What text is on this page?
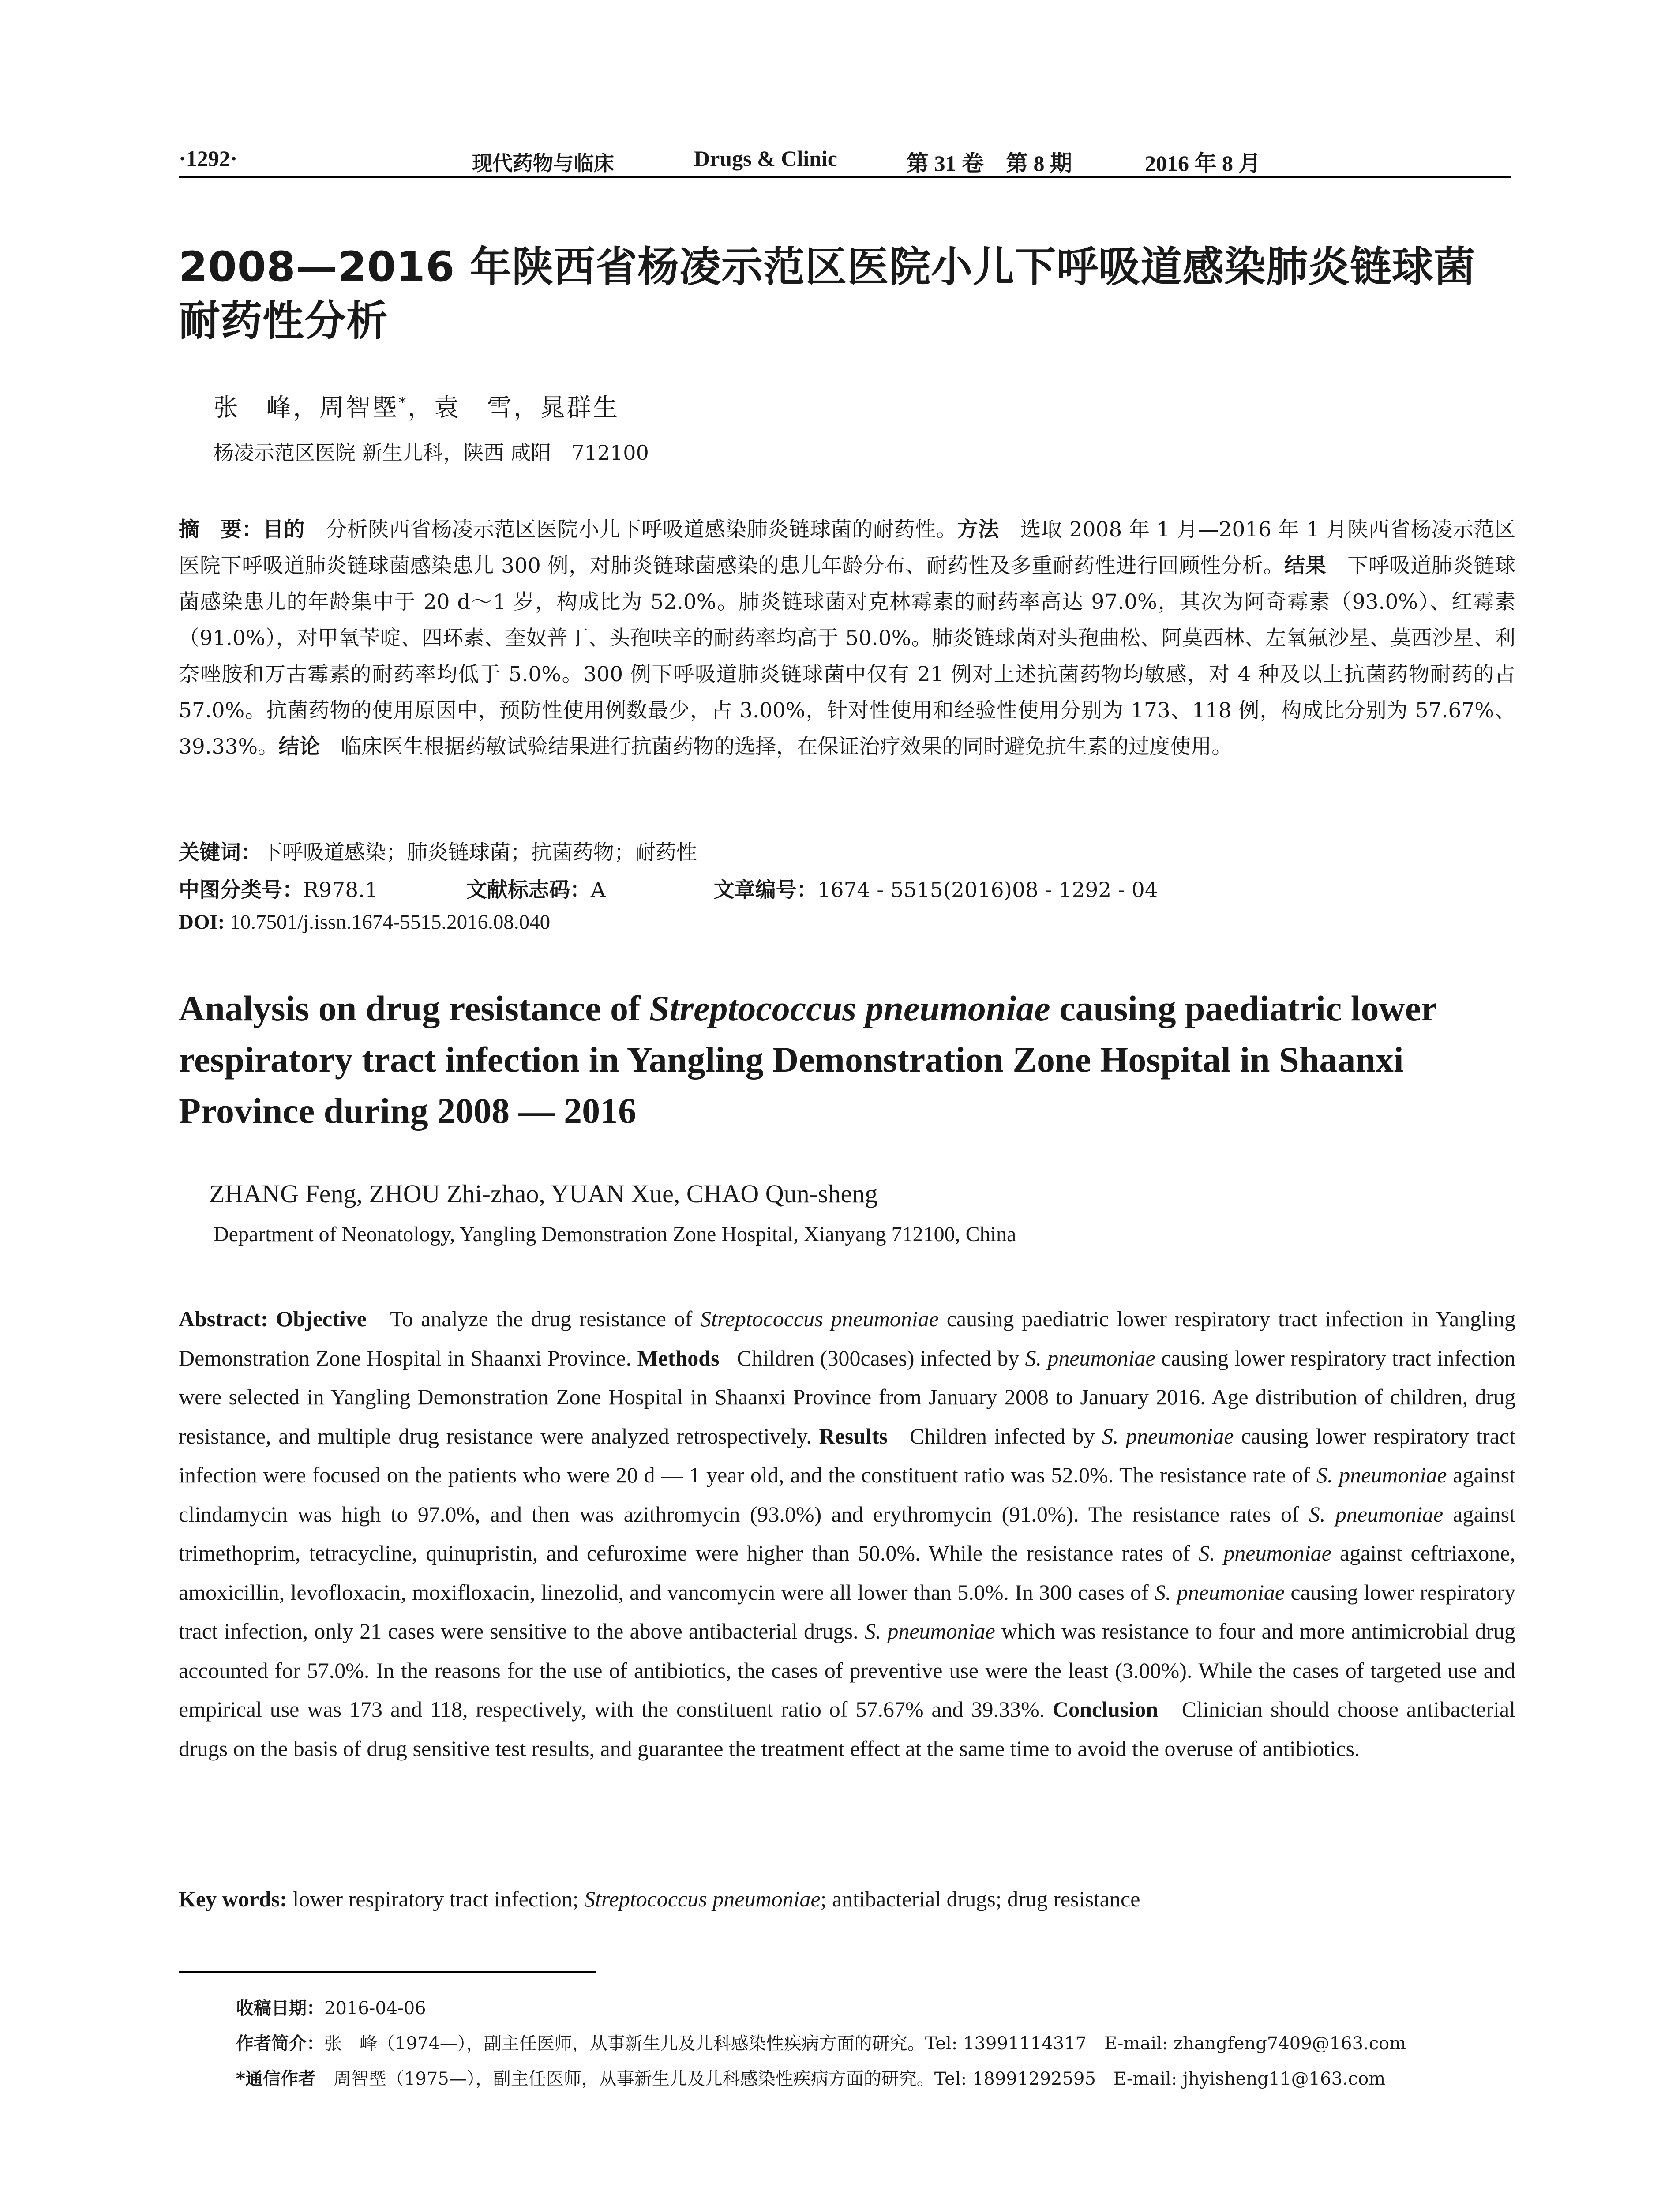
·1292·	现代药物与临床	Drugs & Clinic	第 31 卷　第 8 期	2016 年 8 月
2008—2016 年陕西省杨凌示范区医院小儿下呼吸道感染肺炎链球菌耐药性分析
张　峰，周智塈*，袁　雪，晁群生
杨凌示范区医院 新生儿科，陕西 咸阳　712100
摘　要：目的　 分析陕西省杨凌示范区医院小儿下呼吸道感染肺炎链球菌的耐药性。方法　 选取 2008 年 1 月—2016 年 1 月陕西省杨凌示范区医院下呼吸道肺炎链球菌感染患儿 300 例，对肺炎链球菌感染的患儿年龄分布、耐药性及多重耐药性进行回顾性分析。结果　 下呼吸道肺炎链球菌感染患儿的年龄集中于 20 d～1 岁，构成比为 52.0%。肺炎链球菌对克林霉素的耐药率高达 97.0%，其次为阿奇霉素（93.0%）、红霉素（91.0%），对甲氧苄啶、四环素、奎奴普丁、头孢呋辛的耐药率均高于 50.0%。肺炎链球菌对头孢曲松、阿莫西林、左氧氟沙星、莫西沙星、利奈唑胺和万古霉素的耐药率均低于 5.0%。300 例下呼吸道肺炎链球菌中仅有 21 例对上述抗菌药物均敏感，对 4 种及以上抗菌药物耐药的占 57.0%。抗菌药物的使用原因中，预防性使用例数最少，占 3.00%，针对性使用和经验性使用分别为 173、118 例，构成比分别为 57.67%、39.33%。结论　 临床医生根据药敏试验结果进行抗菌药物的选择，在保证治疗效果的同时避免抗生素的过度使用。
关键词：下呼吸道感染；肺炎链球菌；抗菌药物；耐药性
中图分类号：R978.1	文献标志码：A	文章编号：1674 - 5515(2016)08 - 1292 - 04
DOI: 10.7501/j.issn.1674-5515.2016.08.040
Analysis on drug resistance of Streptococcus pneumoniae causing paediatric lower respiratory tract infection in Yangling Demonstration Zone Hospital in Shaanxi Province during 2008 — 2016
ZHANG Feng, ZHOU Zhi-zhao, YUAN Xue, CHAO Qun-sheng
Department of Neonatology, Yangling Demonstration Zone Hospital, Xianyang 712100, China
Abstract: Objective To analyze the drug resistance of Streptococcus pneumoniae causing paediatric lower respiratory tract infection in Yangling Demonstration Zone Hospital in Shaanxi Province. Methods Children (300cases) infected by S. pneumoniae causing lower respiratory tract infection were selected in Yangling Demonstration Zone Hospital in Shaanxi Province from January 2008 to January 2016. Age distribution of children, drug resistance, and multiple drug resistance were analyzed retrospectively. Results Children infected by S. pneumoniae causing lower respiratory tract infection were focused on the patients who were 20 d — 1 year old, and the constituent ratio was 52.0%. The resistance rate of S. pneumoniae against clindamycin was high to 97.0%, and then was azithromycin (93.0%) and erythromycin (91.0%). The resistance rates of S. pneumoniae against trimethoprim, tetracycline, quinupristin, and cefuroxime were higher than 50.0%. While the resistance rates of S. pneumoniae against ceftriaxone, amoxicillin, levofloxacin, moxifloxacin, linezolid, and vancomycin were all lower than 5.0%. In 300 cases of S. pneumoniae causing lower respiratory tract infection, only 21 cases were sensitive to the above antibacterial drugs. S. pneumoniae which was resistance to four and more antimicrobial drug accounted for 57.0%. In the reasons for the use of antibiotics, the cases of preventive use were the least (3.00%). While the cases of targeted use and empirical use was 173 and 118, respectively, with the constituent ratio of 57.67% and 39.33%. Conclusion Clinician should choose antibacterial drugs on the basis of drug sensitive test results, and guarantee the treatment effect at the same time to avoid the overuse of antibiotics.
Key words: lower respiratory tract infection; Streptococcus pneumoniae; antibacterial drugs; drug resistance
收稿日期：2016-04-06
作者简介：张　峰（1974—），副主任医师，从事新生儿及儿科感染性疾病方面的研究。Tel: 13991114317　E-mail: zhangfeng7409@163.com
*通信作者　周智塈（1975—），副主任医师，从事新生儿及儿科感染性疾病方面的研究。Tel: 18991292595　E-mail: jhyisheng11@163.com
